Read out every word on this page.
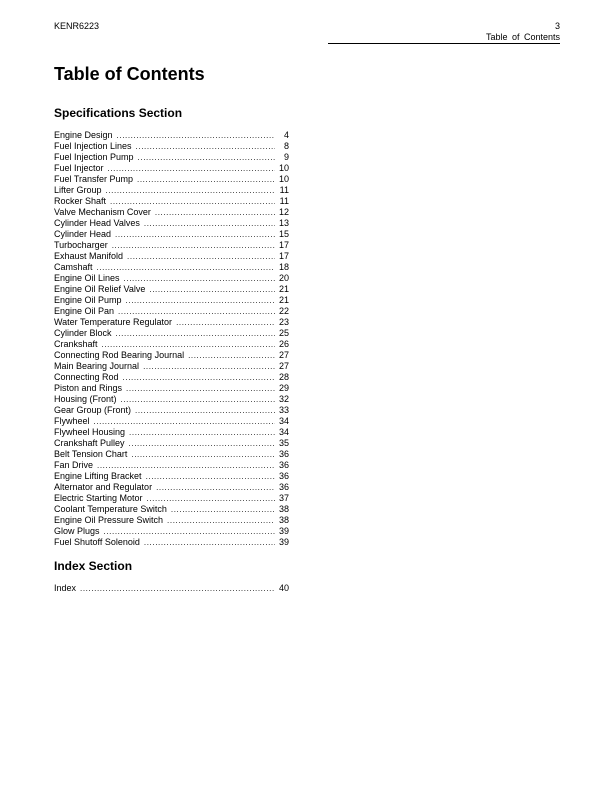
KENR6223	3
Table of Contents
Table of Contents
Specifications Section
Engine Design .....	4
Fuel Injection Lines .....	8
Fuel Injection Pump .....	9
Fuel Injector .....	10
Fuel Transfer Pump .....	10
Lifter Group .....	11
Rocker Shaft .....	11
Valve Mechanism Cover .....	12
Cylinder Head Valves .....	13
Cylinder Head .....	15
Turbocharger .....	17
Exhaust Manifold .....	17
Camshaft .....	18
Engine Oil Lines .....	20
Engine Oil Relief Valve .....	21
Engine Oil Pump .....	21
Engine Oil Pan .....	22
Water Temperature Regulator .....	23
Cylinder Block .....	25
Crankshaft .....	26
Connecting Rod Bearing Journal .....	27
Main Bearing Journal .....	27
Connecting Rod .....	28
Piston and Rings .....	29
Housing (Front) .....	32
Gear Group (Front) .....	33
Flywheel .....	34
Flywheel Housing .....	34
Crankshaft Pulley .....	35
Belt Tension Chart .....	36
Fan Drive .....	36
Engine Lifting Bracket .....	36
Alternator and Regulator .....	36
Electric Starting Motor .....	37
Coolant Temperature Switch .....	38
Engine Oil Pressure Switch .....	38
Glow Plugs .....	39
Fuel Shutoff Solenoid .....	39
Index Section
Index .....	40
